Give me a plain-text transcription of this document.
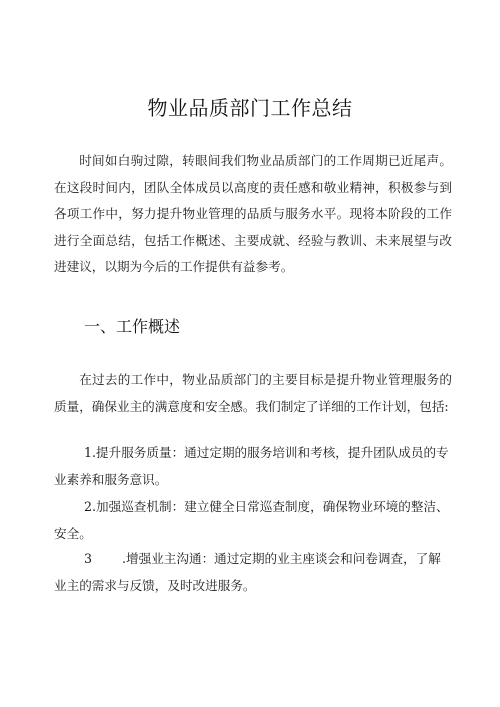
物业品质部门工作总结

时间如白驹过隙，转眼间我们物业品质部门的工作周期已近尾声。在这段时间内，团队全体成员以高度的责任感和敬业精神，积极参与到各项工作中，努力提升物业管理的品质与服务水平。现将本阶段的工作进行全面总结，包括工作概述、主要成就、经验与教训、未来展望与改进建议，以期为今后的工作提供有益参考。

一、工作概述

在过去的工作中，物业品质部门的主要目标是提升物业管理服务的质量，确保业主的满意度和安全感。我们制定了详细的工作计划，包括:

1.提升服务质量：通过定期的服务培训和考核，提升团队成员的专业素养和服务意识。

2.加强巡查机制：建立健全日常巡查制度，确保物业环境的整洁、安全。

3 .增强业主沟通：通过定期的业主座谈会和问卷调查，了解业主的需求与反馈，及时改进服务。
